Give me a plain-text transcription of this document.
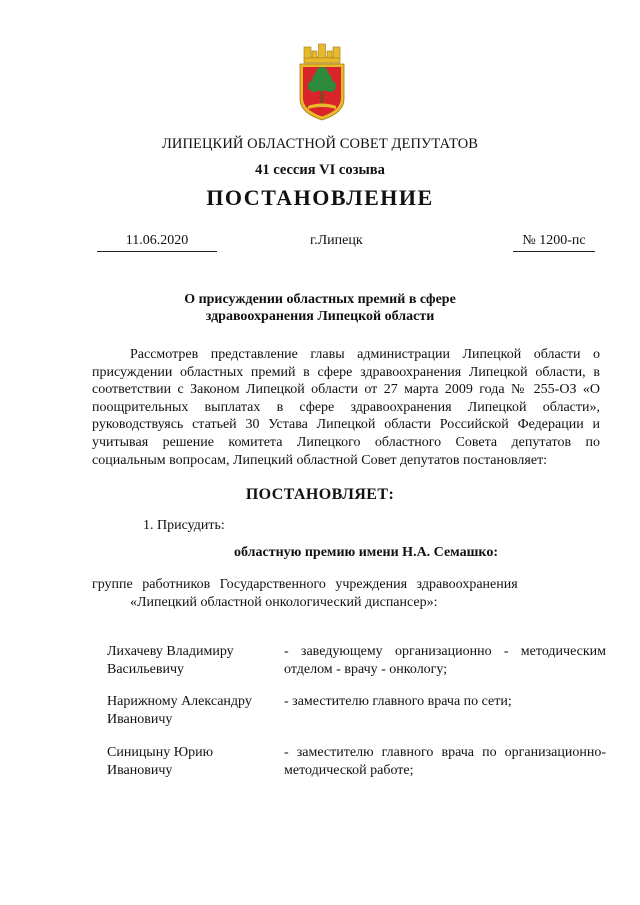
ЛИПЕЦКИЙ ОБЛАСТНОЙ СОВЕТ ДЕПУТАТОВ
41 сессия VI созыва
ПОСТАНОВЛЕНИЕ
11.06.2020	г.Липецк	№ 1200-пс
О присуждении областных премий в сфере
здравоохранения Липецкой области
Рассмотрев представление главы администрации Липецкой области о присуждении областных премий в сфере здравоохранения Липецкой области, в соответствии с Законом Липецкой области от 27 марта 2009 года № 255-ОЗ «О поощрительных выплатах в сфере здравоохранения Липецкой области», руководствуясь статьей 30 Устава Липецкой области Российской Федерации и учитывая решение комитета Липецкого областного Совета депутатов по социальным вопросам, Липецкий областной Совет депутатов постановляет:
ПОСТАНОВЛЯЕТ:
1. Присудить:
областную премию имени Н.А. Семашко:
группе работников Государственного учреждения здравоохранения
«Липецкий областной онкологический диспансер»:
Лихачеву Владимиру Васильевичу
- заведующему организационно - методическим отделом - врачу - онкологу;
Нарижному Александру Ивановичу
- заместителю главного врача по сети;
Синицыну Юрию Ивановичу
- заместителю главного врача по организационно-методической работе;
